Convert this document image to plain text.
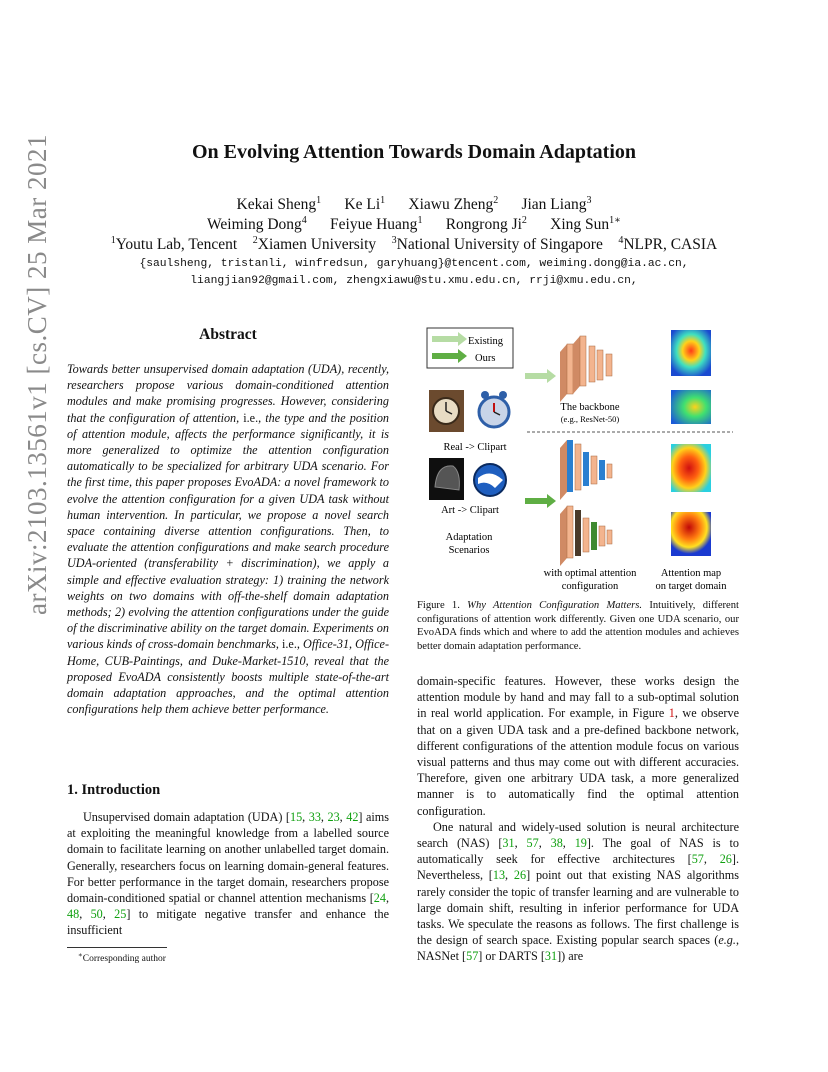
arXiv:2103.13561v1 [cs.CV] 25 Mar 2021	On Evolving Attention Towards Domain Adaptation
Kekai Sheng$^1$   Ke Li$^1$   Xiawu Zheng$^2$   Jian Liang$^3$
Weiming Dong$^4$   Feiyue Huang$^1$   Rongrong Ji$^2$   Xing Sun$^{1∗}$
$^1$Youtu Lab, Tencent  $^2$Xiamen University  $^3$National University of Singapore  $^4$NLPR, CASIA
{saulsheng, tristanli, winfredsun, garyhuang}@tencent.com, weiming.dong@ia.ac.cn,
liangjian92@gmail.com, zhengxiawu@stu.xmu.edu.cn, rrji@xmu.edu.cn,
Abstract
Towards better unsupervised domain adaptation (UDA), recently, researchers propose various domain-conditioned attention modules and make promising progresses. However, considering that the configuration of attention, i.e., the type and the position of attention module, affects the performance significantly, it is more generalized to optimize the attention configuration automatically to be specialized for arbitrary UDA scenario. For the first time, this paper proposes EvoADA: a novel framework to evolve the attention configuration for a given UDA task without human intervention. In particular, we propose a novel search space containing diverse attention configurations. Then, to evaluate the attention configurations and make search procedure UDA-oriented (transferability + discrimination), we apply a simple and effective evaluation strategy: 1) training the network weights on two domains with off-the-shelf domain adaptation methods; 2) evolving the attention configurations under the guide of the discriminative ability on the target domain. Experiments on various kinds of cross-domain benchmarks, i.e., Office-31, Office-Home, CUB-Paintings, and Duke-Market-1510, reveal that the proposed EvoADA consistently boosts multiple state-of-the-art domain adaptation approaches, and the optimal attention configurations help them achieve better performance.
1. Introduction

Unsupervised domain adaptation (UDA) [15, 33, 23, 42] aims at exploiting the meaningful knowledge from a labelled source domain to facilitate learning on another unlabelled target domain. Generally, researchers focus on learning domain-general features. For better performance in the target domain, researchers propose domain-conditioned spatial or channel attention mechanisms [24, 48, 50, 25] to mitigate negative transfer and enhance the insufficient

∗Corresponding author
Existing
Ours
Real -> Clipart
Art -> Clipart
Adaptation
Scenarios
The backbone
(e.g., ResNet-50)
with optimal attention
configuration
Attention map
on target domain
Figure 1. Why Attention Configuration Matters. Intuitively, different configurations of attention work differently. Given one UDA scenario, our EvoADA finds which and where to add the attention modules and achieves better domain adaptation performance.

domain-specific features. However, these works design the attention module by hand and may fall to a sub-optimal solution in real world application. For example, in Figure 1, we observe that on a given UDA task and a pre-defined backbone network, different configurations of the attention module focus on various visual patterns and thus may come out with different accuracies. Therefore, given one arbitrary UDA task, a more generalized manner is to automatically find the optimal attention configuration.

One natural and widely-used solution is neural architecture search (NAS) [31, 57, 38, 19]. The goal of NAS is to automatically seek for effective architectures [57, 26]. Nevertheless, [13, 26] point out that existing NAS algorithms rarely consider the topic of transfer learning and are vulnerable to large domain shift, resulting in inferior performance for UDA tasks. We speculate the reasons as follows. The first challenge is the design of search space. Existing popular search spaces (e.g., NASNet [57] or DARTS [31]) are
